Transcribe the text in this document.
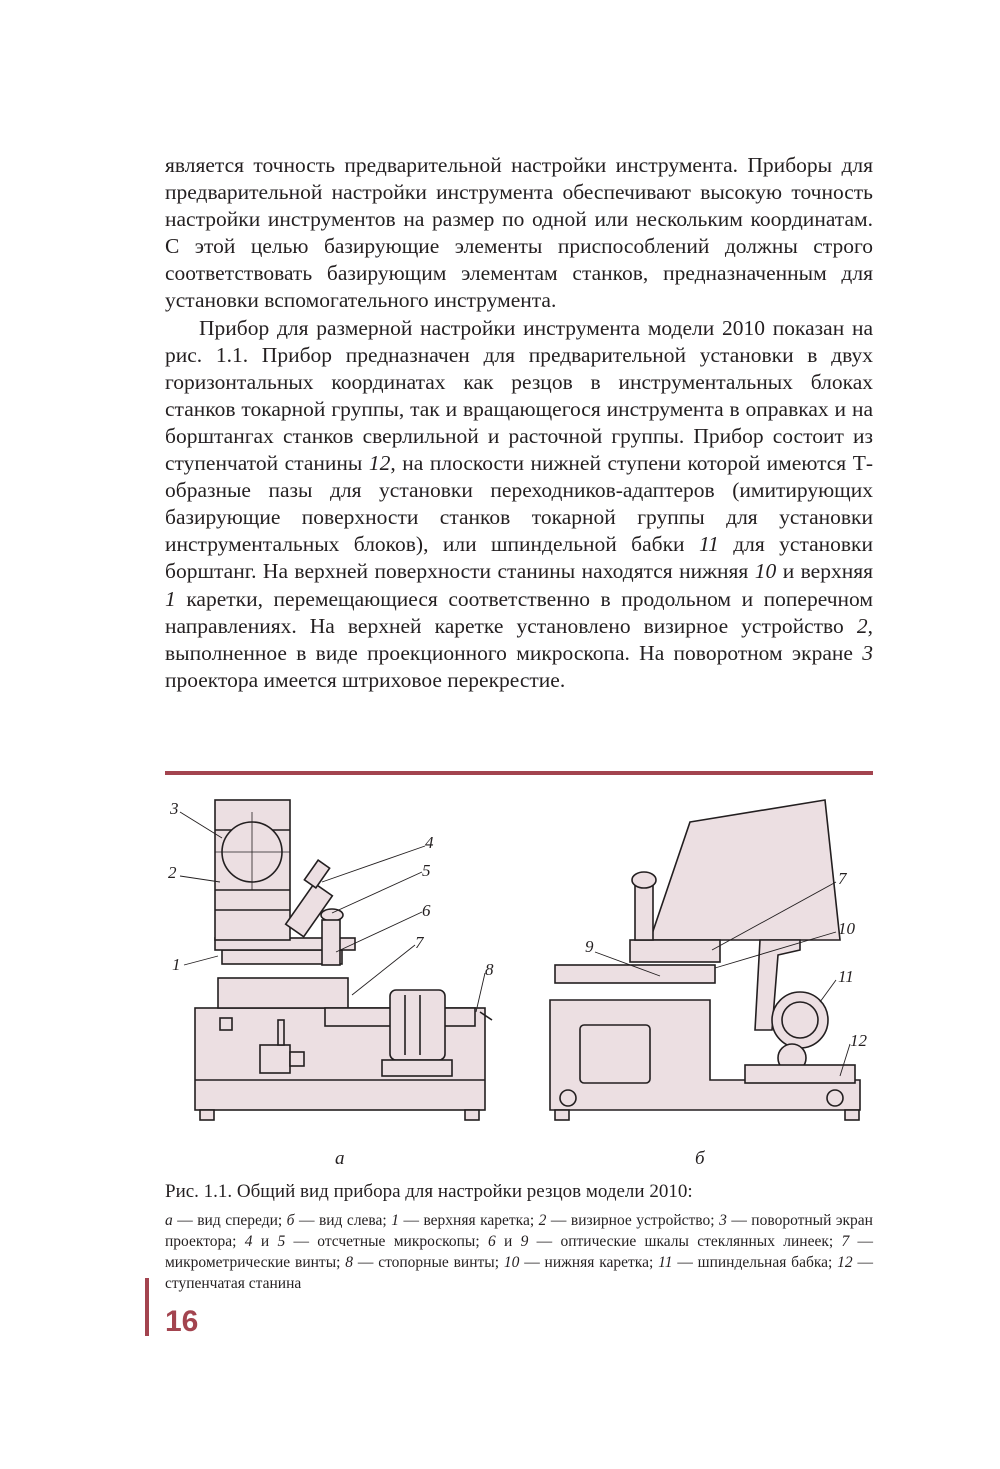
является точность предварительной настройки инструмента. Приборы для предварительной настройки инструмента обеспечивают высокую точность настройки инструментов на размер по одной или нескольким координатам. С этой целью базирующие элементы приспособлений должны строго соответствовать базирующим элементам станков, предназначенным для установки вспомогательного инструмента.

Прибор для размерной настройки инструмента модели 2010 показан на рис. 1.1. Прибор предназначен для предварительной установки в двух горизонтальных координатах как резцов в инструментальных блоках станков токарной группы, так и вращающегося инструмента в оправках и на борштангах станков сверлильной и расточной группы. Прибор состоит из ступенчатой станины 12, на плоскости нижней ступени которой имеются Т-образные пазы для установки переходников-адаптеров (имитирующих базирующие поверхности станков токарной группы для установки инструментальных блоков), или шпиндельной бабки 11 для установки борштанг. На верхней поверхности станины находятся нижняя 10 и верхняя 1 каретки, перемещающиеся соответственно в продольном и поперечном направлениях. На верхней каретке установлено визирное устройство 2, выполненное в виде проекционного микроскопа. На поворотном экране 3 проектора имеется штриховое перекрестие.

3
2
1
4
5
6
7
8
7
10
9
11
12
а	б
Рис. 1.1. Общий вид прибора для настройки резцов модели 2010:
а — вид спереди; б — вид слева; 1 — верхняя каретка; 2 — визирное устройство; 3 — поворотный экран проектора; 4 и 5 — отсчетные микроскопы; 6 и 9 — оптические шкалы стеклянных линеек; 7 — микрометрические винты; 8 — стопорные винты; 10 — нижняя каретка; 11 — шпиндельная бабка; 12 — ступенчатая станина
16
